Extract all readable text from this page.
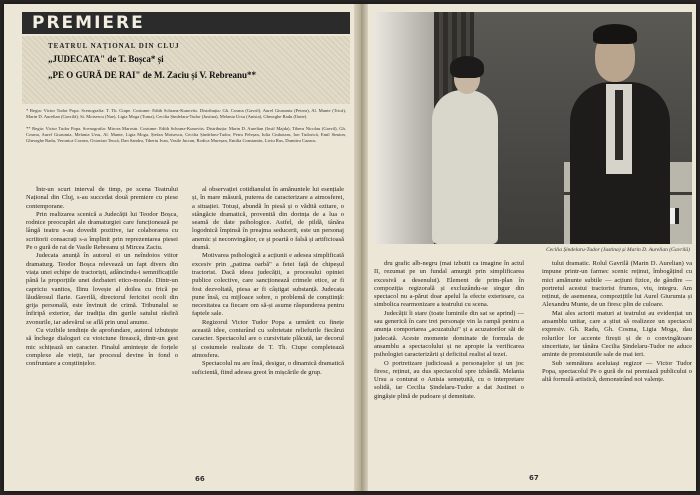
PREMIERE
TEATRUL NAȚIONAL DIN CLUJ
„JUDECATA" de T. Boșca* și
„PE O GURĂ DE RAI" de M. Zaciu și V. Rebreanu**

* Regia: Victor Tudor Popa. Scenografia: T. Th. Ciupe. Costume: Edith Schranz-Kunovits. Distribuția: Gh. Cosma (Gavril), Aurel Giurumia (Petrea), Al. Munte (Trică), Marin D. Aurelian (Gavrilă), St. Moisescu (Nae), Ligia Moga (Toma), Cecilia Șindelaru-Tudor (Justina), Melania Ursu (Anisia), Gheorghe Radu (Ilarie).

** Regia: Victor Tudor Popa. Scenografia: Mircea Marosin. Costume: Edith Schranz-Kunovits. Distribuția: Marin D. Aurelian (Iosif Majda), Tiberu Nicolau (Gavril), Gh. Cosma, Aurel Giurumia, Melania Ursu, Al. Munte, Ligia Moga, Ștefan Moisescu, Cecilia Șindelaru-Tudor, Petru Feleșan, Iulia Ciubotaru, Ion Tudorică, Emil Simion, Gheorghe Radu, Veronica Cornea, Octavian Teucă, Dan Sandru, Tiberiu Ivan, Vasile Jurcan, Rodica Mureșan, Emilia Constantin, Liviu Rus, Dumitru Cazacu.

Într-un scurt interval de timp, pe scena Teatrului Național din Cluj, s-au succedat două premiere cu piese contemporane.

Prin realizarea scenică a Judecății lui Teodor Boșca, rodnice preocupări ale dramaturgiei care funcționează pe lângă teatru s-au dovedit pozitive, iar colaborarea cu scriitorii consacrați s-a împlinit prin reprezentarea piesei Pe o gură de rai de Vasile Rebreanu și Mircea Zaciu.

Judecata anunță în autorul ei un neîndoios viitor dramaturg. Teodor Boșca relevează un fapt divers din viața unei echipe de tractoriști, adâncindu-i semnificațiile până la proporțiile unei dezbateri etico-morale. Dintr-un capriciu vanitos, Ilinu lovește al doilea cu frică pe lăudărosul Ilarie. Gavrilă, directorul fericitei ocoli din grija personală, este învinuit de crimă. Tribunalul se înfiripă exterior, dar tradiția din gurile satului răsfiră zvonurile, iar adevărul se află prin unul anume.

Cu vizibile tendințe de aprofundare, autorul izbutește să închege dialoguri cu vioiciune firească, dintr-un gest mic schițează un caracter. Finalul amintește de forțele complexe ale vieții, iar procesul devine în fond o confruntare a conștiințelor.

al observației cotidianului în amănuntele lui esențiale și, în mare măsură, puterea de caracterizare a atmosferei, a situației. Totuși, abundă în piesă și o vădită ezitare, o stângăcie dramatică, provenită din dorința de a lua o seamă de date psihologice. Astfel, de pildă, tânăra logodnică împinsă în preajma seducerii, este un personaj anemic și neconvingător, ce și poartă o falsă și artificioasă dramă.

Motivarea psihologică a acțiunii e adesea simplificată excesiv prin „patima oarbă" a fetei față de chipeșul tractorist. Dacă ideea judecății, a procesului opiniei publice colective, care sancționează crimele etice, ar fi fost dezvoltată, piesa ar fi câștigat substanță. Judecata pune însă, cu mijloace sobre, o problemă de conștiință: necesitatea ca fiecare om să-și asume răspunderea pentru faptele sale.

Regizorul Victor Tudor Popa a urmărit cu finețe această idee, conturând cu sobrietate reliefurile fiecărui caracter. Spectacolul are o cursivitate plăcută, iar decorul și costumele realizate de T. Th. Ciupe completează atmosfera.

Spectacolul nu are însă, desigur, o dinamică dramatică suficientă, fiind adesea greoi în mișcările de grup.

66
Cecilia Șindelaru-Tudor (Justina) și Marin D. Aurelian (Gavrilă)

dru grafic alb-negru (mai izbutit ca imagine în actul II, rezumat pe un fundal amurgit prin simplificarea excesivă a desenului). Element de prim-plan în compoziția regizorală și excluzându-se singur din spectacol nu a-părut doar apelul la efecte exterioare, ca simbolica rearmonizare a teatrului cu scena.

Judecății îi stare (toate luminile din sat se aprind) — sau generică în care trei personaje vin la rampă pentru a anunța comportarea „acuzatului" și a acuzatorilor săi de judecată. Aceste momente dominate de formula de ansamblu a spectacolului și ne apropie la verificarea psihologiei caracterizării și deficitul realist al tezei.

O portretizare judicioasă a personajelor și un joc firesc, reținut, au dus spectacolul spre izbândă. Melania Ursu a conturat o Anisia semețuită, cu o interpretare solidă, iar Cecilia Șindelaru-Tudor a dat Justinei o gingășie plină de pudoare și demnitate.

tului dramatic. Rolul Gavrilă (Marin D. Aurelian) va impune printr-un farmec scenic reținut, îmbogățind cu mici amănunte subtile — acțiuni fizice, de gândire — portretul acestui tractorist frumos, viu, integru. Am reținut, de asemenea, compozițiile lui Aurel Giurumia și Alexandru Munte, de un firesc plin de culoare.

Mai ales actorii maturi ai teatrului au evidențiat un ansamblu unitar, care a știut să realizeze un spectacol expresiv. Gh. Radu, Gh. Cosma, Ligia Moga, dau rolurilor lor accente firești și de o convingătoare sinceritate, iar tânăra Cecilia Șindelaru-Tudor ne aduce aminte de promisiunile sale de mai ieri.

Sub semnătura aceluiași regizor — Victor Tudor Popa, spectacolul Pe o gură de rai premiază publicului o altă formulă artistică, demonstrând noi valențe.

67
